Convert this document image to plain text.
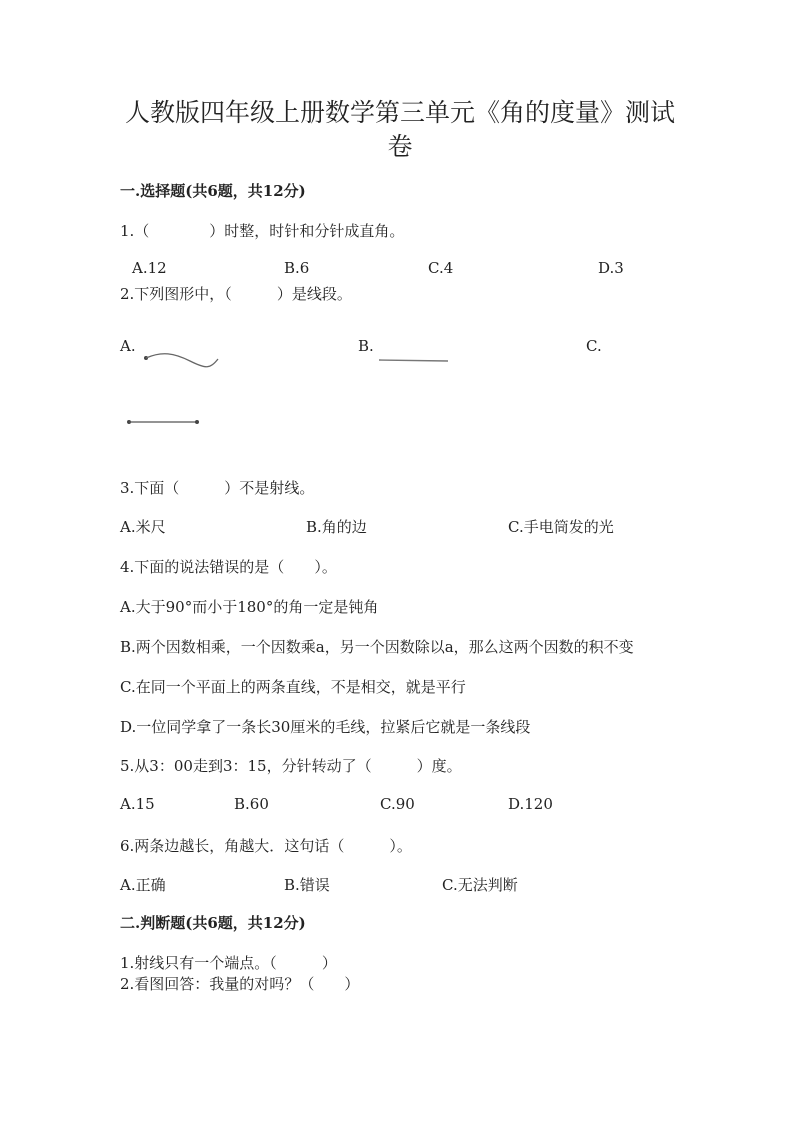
人教版四年级上册数学第三单元《角的度量》测试
卷
一.选择题(共6题，共12分)
1.（　　　　）时整，时针和分针成直角。
A.12	B.6	C.4	D.3
2.下列图形中，（　　　）是线段。
A.	B.	C.
3.下面（　　　）不是射线。
A.米尺	B.角的边	C.手电筒发的光
4.下面的说法错误的是（　　）。
A.大于90°而小于180°的角一定是钝角
B.两个因数相乘，一个因数乘a，另一个因数除以a，那么这两个因数的积不变
C.在同一个平面上的两条直线，不是相交，就是平行
D.一位同学拿了一条长30厘米的毛线，拉紧后它就是一条线段
5.从3：00走到3：15，分针转动了（　　　）度。
A.15	B.60	C.90	D.120
6.两条边越长，角越大．这句话（　　　）。
A.正确	B.错误	C.无法判断
二.判断题(共6题，共12分)
1.射线只有一个端点。（　　　）
2.看图回答：我量的对吗？（　　）
